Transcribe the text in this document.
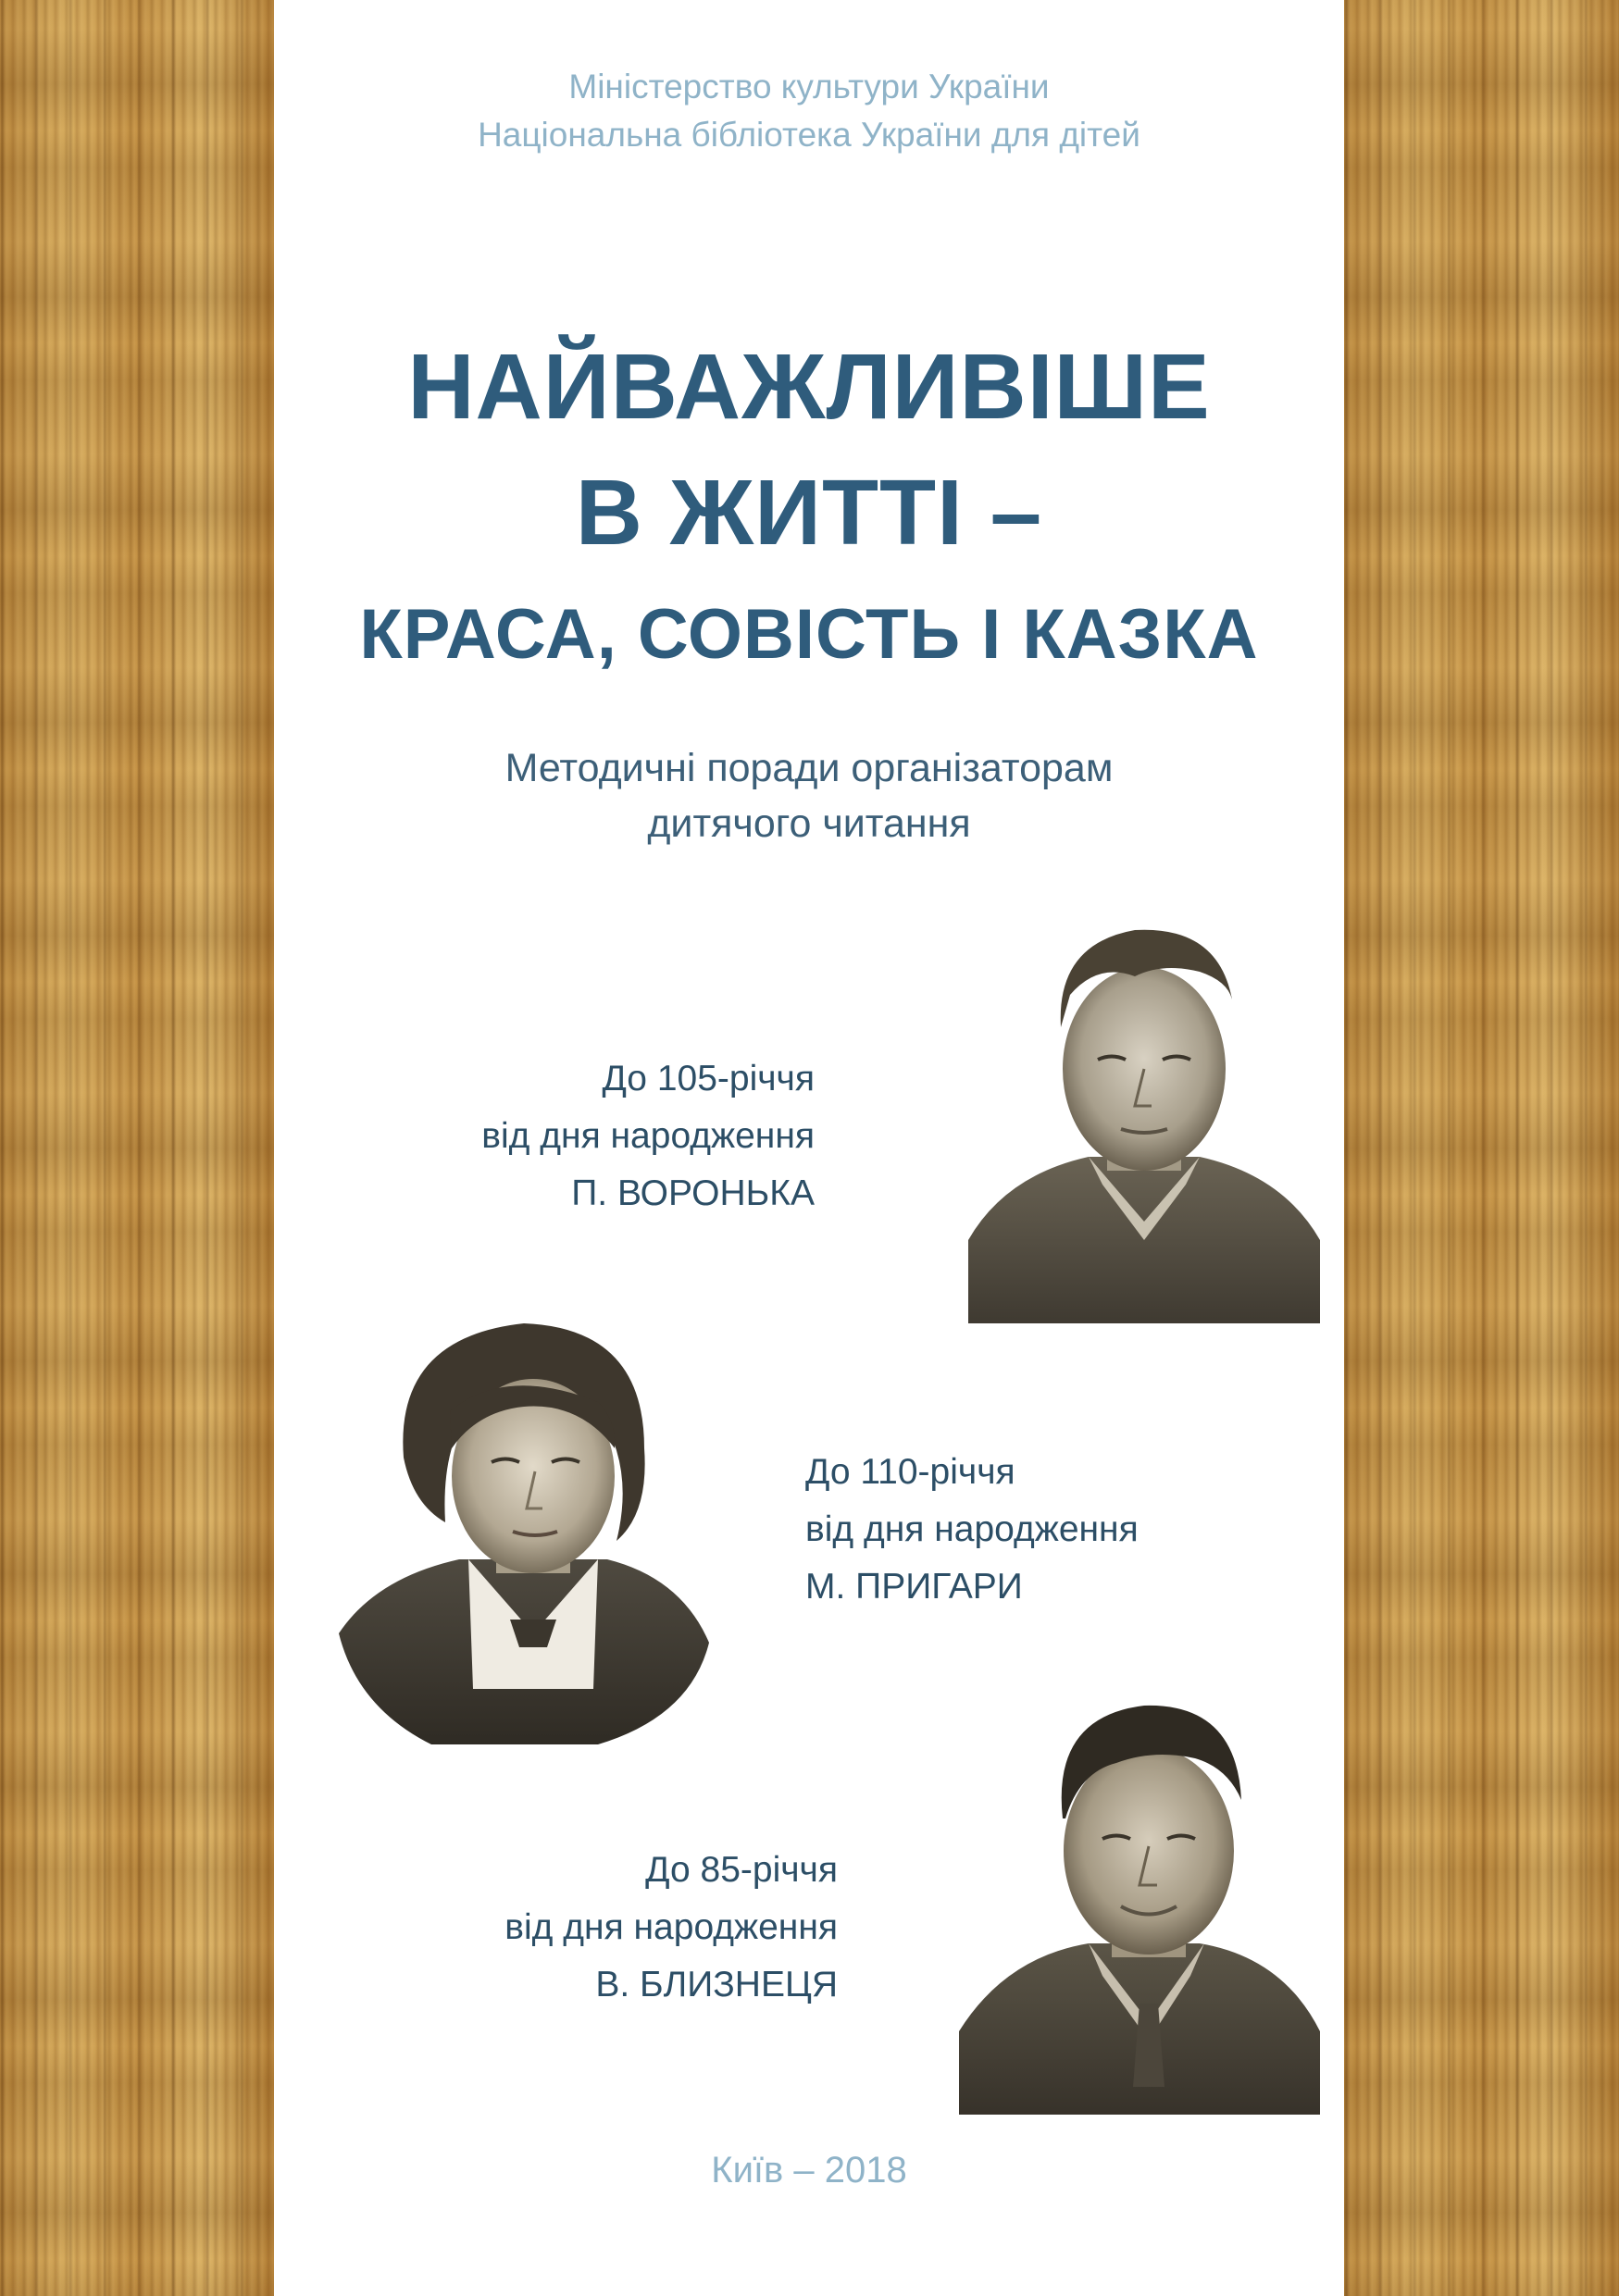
Міністерство культури України
Національна бібліотека України для дітей
НАЙВАЖЛИВІШЕ
В ЖИТТІ –
КРАСА, СОВІСТЬ І КАЗКА
Методичні поради організаторам
дитячого читання
До 105-річчя
від дня народження
П. ВОРОНЬКА
До 110-річчя
від дня народження
М. ПРИГАРИ
До 85-річчя
від дня народження
В. БЛИЗНЕЦЯ
Київ – 2018
